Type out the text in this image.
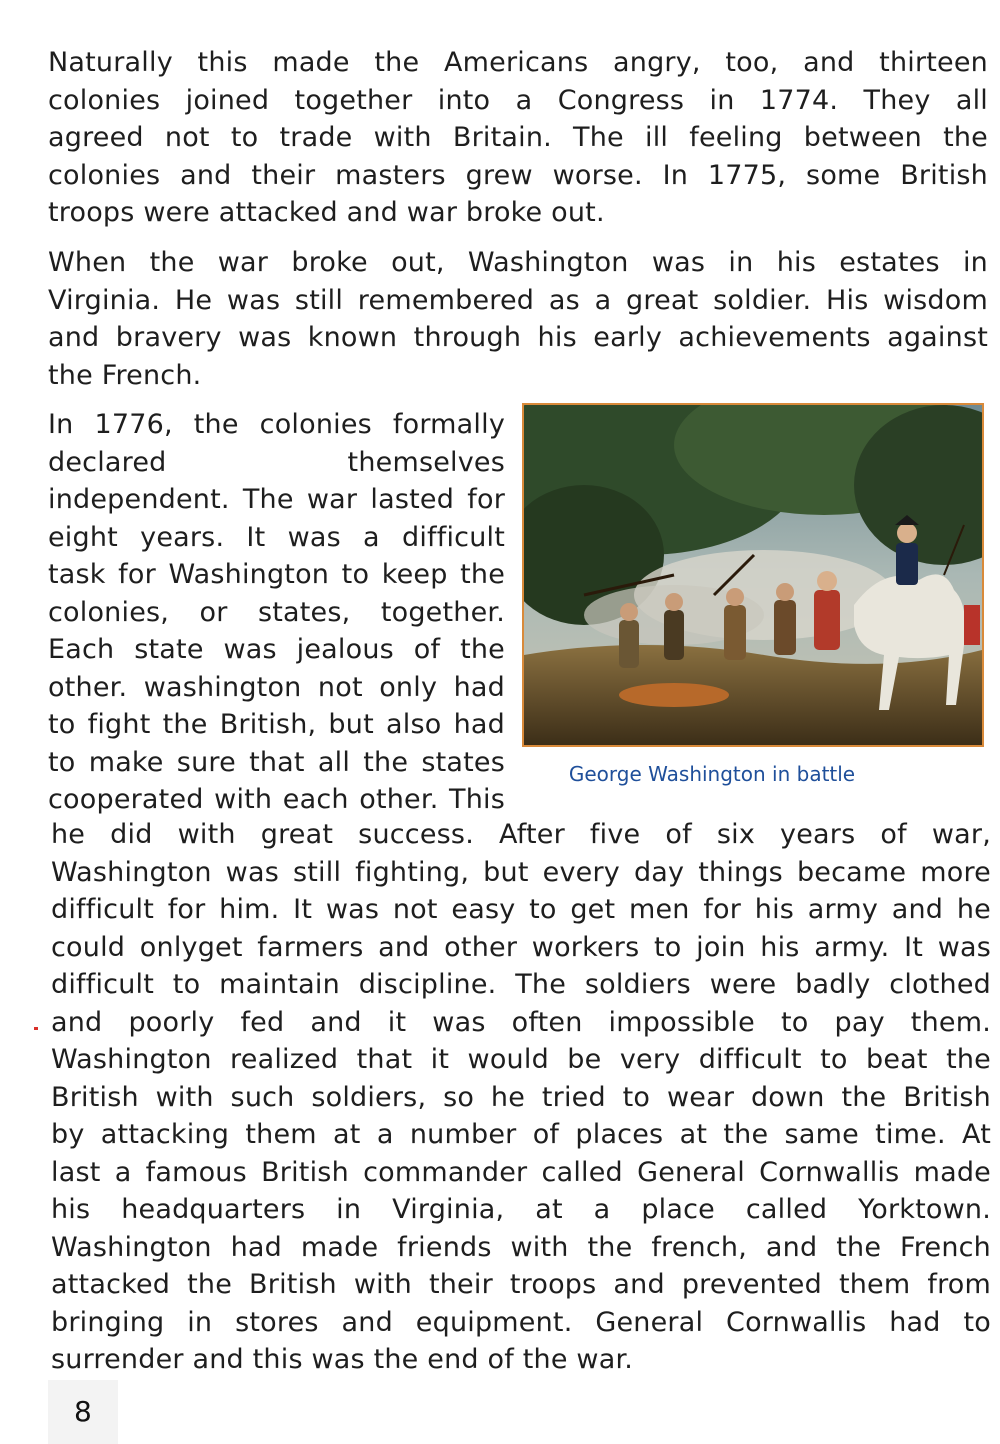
Naturally this made the Americans angry, too, and thirteen
colonies joined together into a Congress in 1774. They all
agreed not to trade with Britain. The ill feeling between the
colonies and their masters grew worse. In 1775, some British
troops were attacked and war broke out.
When the war broke out, Washington was in his estates in
Virginia. He was still remembered as a great soldier. His wisdom
and bravery was known through his early achievements against
the French.
In 1776, the colonies formally
declared themselves
independent. The war lasted for
eight years. It was a difficult
task for Washington to keep the
colonies, or states, together.
Each state was jealous of the
other. washington not only had
to fight the British, but also had
to make sure that all the states
cooperated with each other. This
George Washington in battle
he did with great success. After five of six years of war,
Washington was still fighting, but every day things became more
difficult for him. It was not easy to get men for his army and he
could onlyget farmers and other workers to join his army. It was
difficult to maintain discipline. The soldiers were badly clothed
and poorly fed and it was often impossible to pay them.
Washington realized that it would be very difficult to beat the
British with such soldiers, so he tried to wear down the British
by attacking them at a number of places at the same time. At
last a famous British commander called General Cornwallis made
his headquarters in Virginia, at a place called Yorktown.
Washington had made friends with the french, and the French
attacked the British with their troops and prevented them from
bringing in stores and equipment. General Cornwallis had to
surrender and this was the end of the war.
8
